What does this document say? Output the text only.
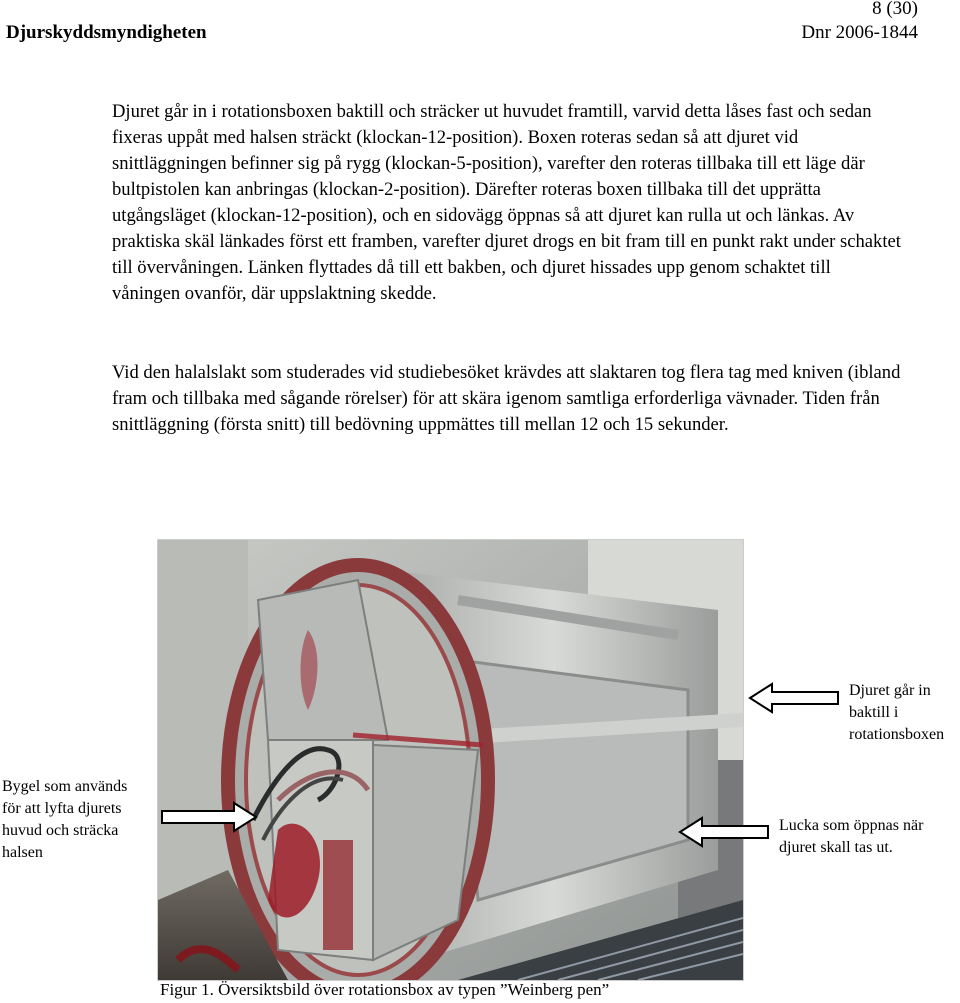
8 (30)
Djurskyddsmyndigheten	Dnr 2006-1844

Djuret går in i rotationsboxen baktill och sträcker ut huvudet framtill, varvid detta låses fast och sedan fixeras uppåt med halsen sträckt (klockan-12-position). Boxen roteras sedan så att djuret vid snittläggningen befinner sig på rygg (klockan-5-position), varefter den roteras tillbaka till ett läge där bultpistolen kan anbringas (klockan-2-position). Därefter roteras boxen tillbaka till det upprätta utgångsläget (klockan-12-position), och en sidovägg öppnas så att djuret kan rulla ut och länkas. Av praktiska skäl länkades först ett framben, varefter djuret drogs en bit fram till en punkt rakt under schaktet till övervåningen. Länken flyttades då till ett bakben, och djuret hissades upp genom schaktet till våningen ovanför, där uppslaktning skedde.

Vid den halalslakt som studerades vid studiebesöket krävdes att slaktaren tog flera tag med kniven (ibland fram och tillbaka med sågande rörelser) för att skära igenom samtliga erforderliga vävnader. Tiden från snittläggning (första snitt) till bedövning uppmättes till mellan 12 och 15 sekunder.

Djuret går in baktill i rotationsboxen
Bygel som används för att lyfta djurets huvud och sträcka halsen
Lucka som öppnas när djuret skall tas ut.
Figur 1. Översiktsbild över rotationsbox av typen ”Weinberg pen”
